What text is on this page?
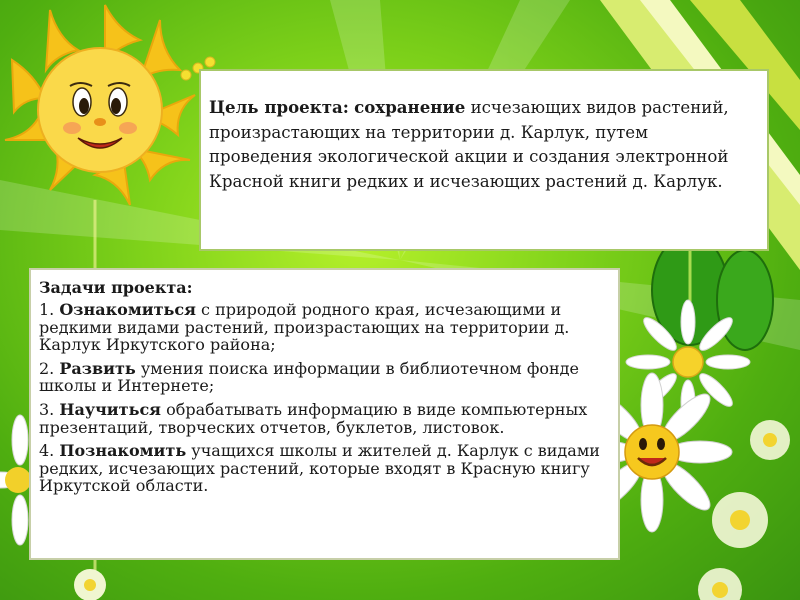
Цель проекта: сохранение исчезающих видов растений, произрастающих на территории д. Карлук, путем проведения экологической акции и создания электронной Красной книги редких и исчезающих растений д. Карлук.

Задачи проекта:

1. Ознакомиться с природой родного края, исчезающими и редкими видами растений, произрастающих на территории д. Карлук Иркутского района;

2. Развить умения поиска информации в библиотечном фонде школы и Интернете;

3. Научиться обрабатывать информацию в виде компьютерных презентаций, творческих отчетов, буклетов, листовок.

4. Познакомить учащихся школы и жителей д. Карлук с видами редких, исчезающих растений, которые входят в Красную книгу Иркутской области.
